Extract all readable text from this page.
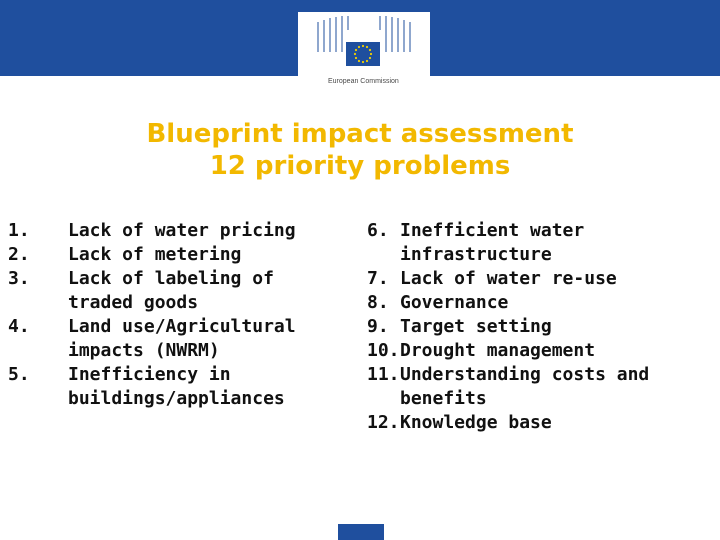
European Commission
Blueprint impact assessment
12 priority problems
1.	Lack of water pricing
2.	Lack of metering
3.	Lack of labeling of traded goods
4.	Land use/Agricultural impacts (NWRM)
5.	Inefficiency in buildings/appliances
6. Inefficient water infrastructure
7. Lack of water re-use
8. Governance
9. Target setting
10. Drought management
11. Understanding costs and benefits
12. Knowledge base
